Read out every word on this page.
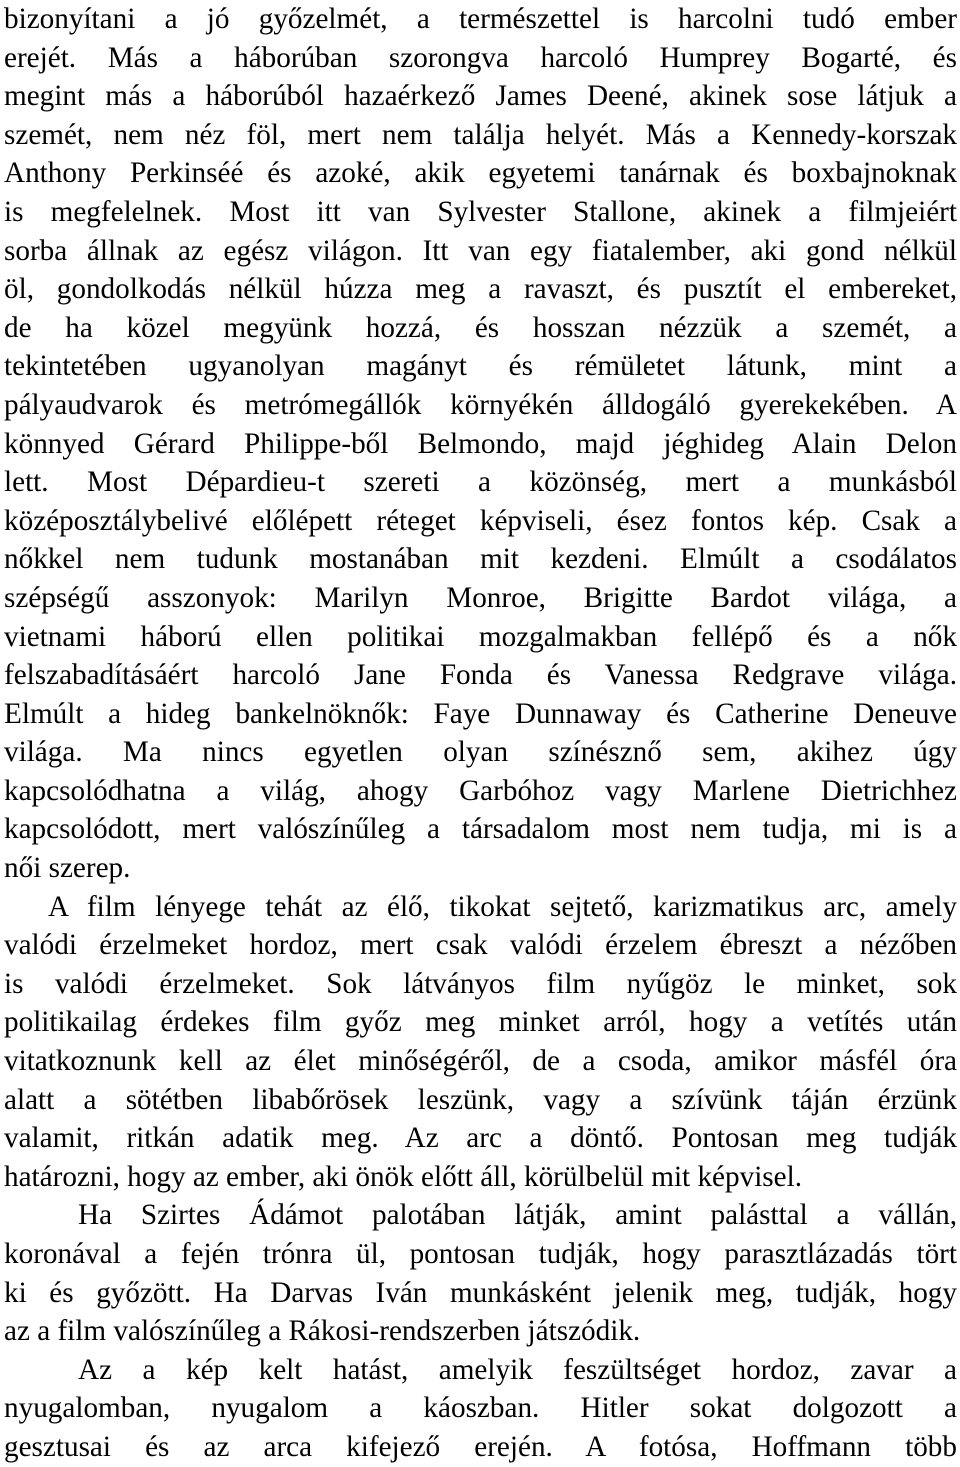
bizonyítani a jó győzelmét, a természettel is harcolni tudó ember
erejét. Más a háborúban szorongva harcoló Humprey Bogarté, és
megint más a háborúból hazaérkező James Deené, akinek sose látjuk a
szemét, nem néz föl, mert nem találja helyét. Más a Kennedy-korszak
Anthony Perkinséé és azoké, akik egyetemi tanárnak és boxbajnoknak
is megfelelnek. Most itt van Sylvester Stallone, akinek a filmjeiért
sorba állnak az egész világon. Itt van egy fiatalember, aki gond nélkül
öl, gondolkodás nélkül húzza meg a ravaszt, és pusztít el embereket,
de ha közel megyünk hozzá, és hosszan nézzük a szemét, a
tekintetében ugyanolyan magányt és rémületet látunk, mint a
pályaudvarok és metrómegállók környékén álldogáló gyerekekében. A
könnyed Gérard Philippe-ből Belmondo, majd jéghideg Alain Delon
lett. Most Dépardieu-t szereti a közönség, mert a munkásból
középosztálybelivé előlépett réteget képviseli, ésez fontos kép. Csak a
nőkkel nem tudunk mostanában mit kezdeni. Elmúlt a csodálatos
szépségű asszonyok: Marilyn Monroe, Brigitte Bardot világa, a
vietnami háború ellen politikai mozgalmakban fellépő és a nők
felszabadításáért harcoló Jane Fonda és Vanessa Redgrave világa.
Elmúlt a hideg bankelnöknők: Faye Dunnaway és Catherine Deneuve
világa. Ma nincs egyetlen olyan színésznő sem, akihez úgy
kapcsolódhatna a világ, ahogy Garbóhoz vagy Marlene Dietrichhez
kapcsolódott, mert valószínűleg a társadalom most nem tudja, mi is a
női szerep.
A film lényege tehát az élő, tikokat sejtető, karizmatikus arc, amely
valódi érzelmeket hordoz, mert csak valódi érzelem ébreszt a nézőben
is valódi érzelmeket. Sok látványos film nyűgöz le minket, sok
politikailag érdekes film győz meg minket arról, hogy a vetítés után
vitatkoznunk kell az élet minőségéről, de a csoda, amikor másfél óra
alatt a sötétben libabőrösek leszünk, vagy a szívünk táján érzünk
valamit, ritkán adatik meg. Az arc a döntő. Pontosan meg tudják
határozni, hogy az ember, aki önök előtt áll, körülbelül mit képvisel.
Ha Szirtes Ádámot palotában látják, amint palásttal a vállán,
koronával a fején trónra ül, pontosan tudják, hogy parasztlázadás tört
ki és győzött. Ha Darvas Iván munkásként jelenik meg, tudják, hogy
az a film valószínűleg a Rákosi-rendszerben játszódik.
Az a kép kelt hatást, amelyik feszültséget hordoz, zavar a
nyugalomban, nyugalom a káoszban. Hitler sokat dolgozott a
gesztusai és az arca kifejező erején. A fotósa, Hoffmann több
